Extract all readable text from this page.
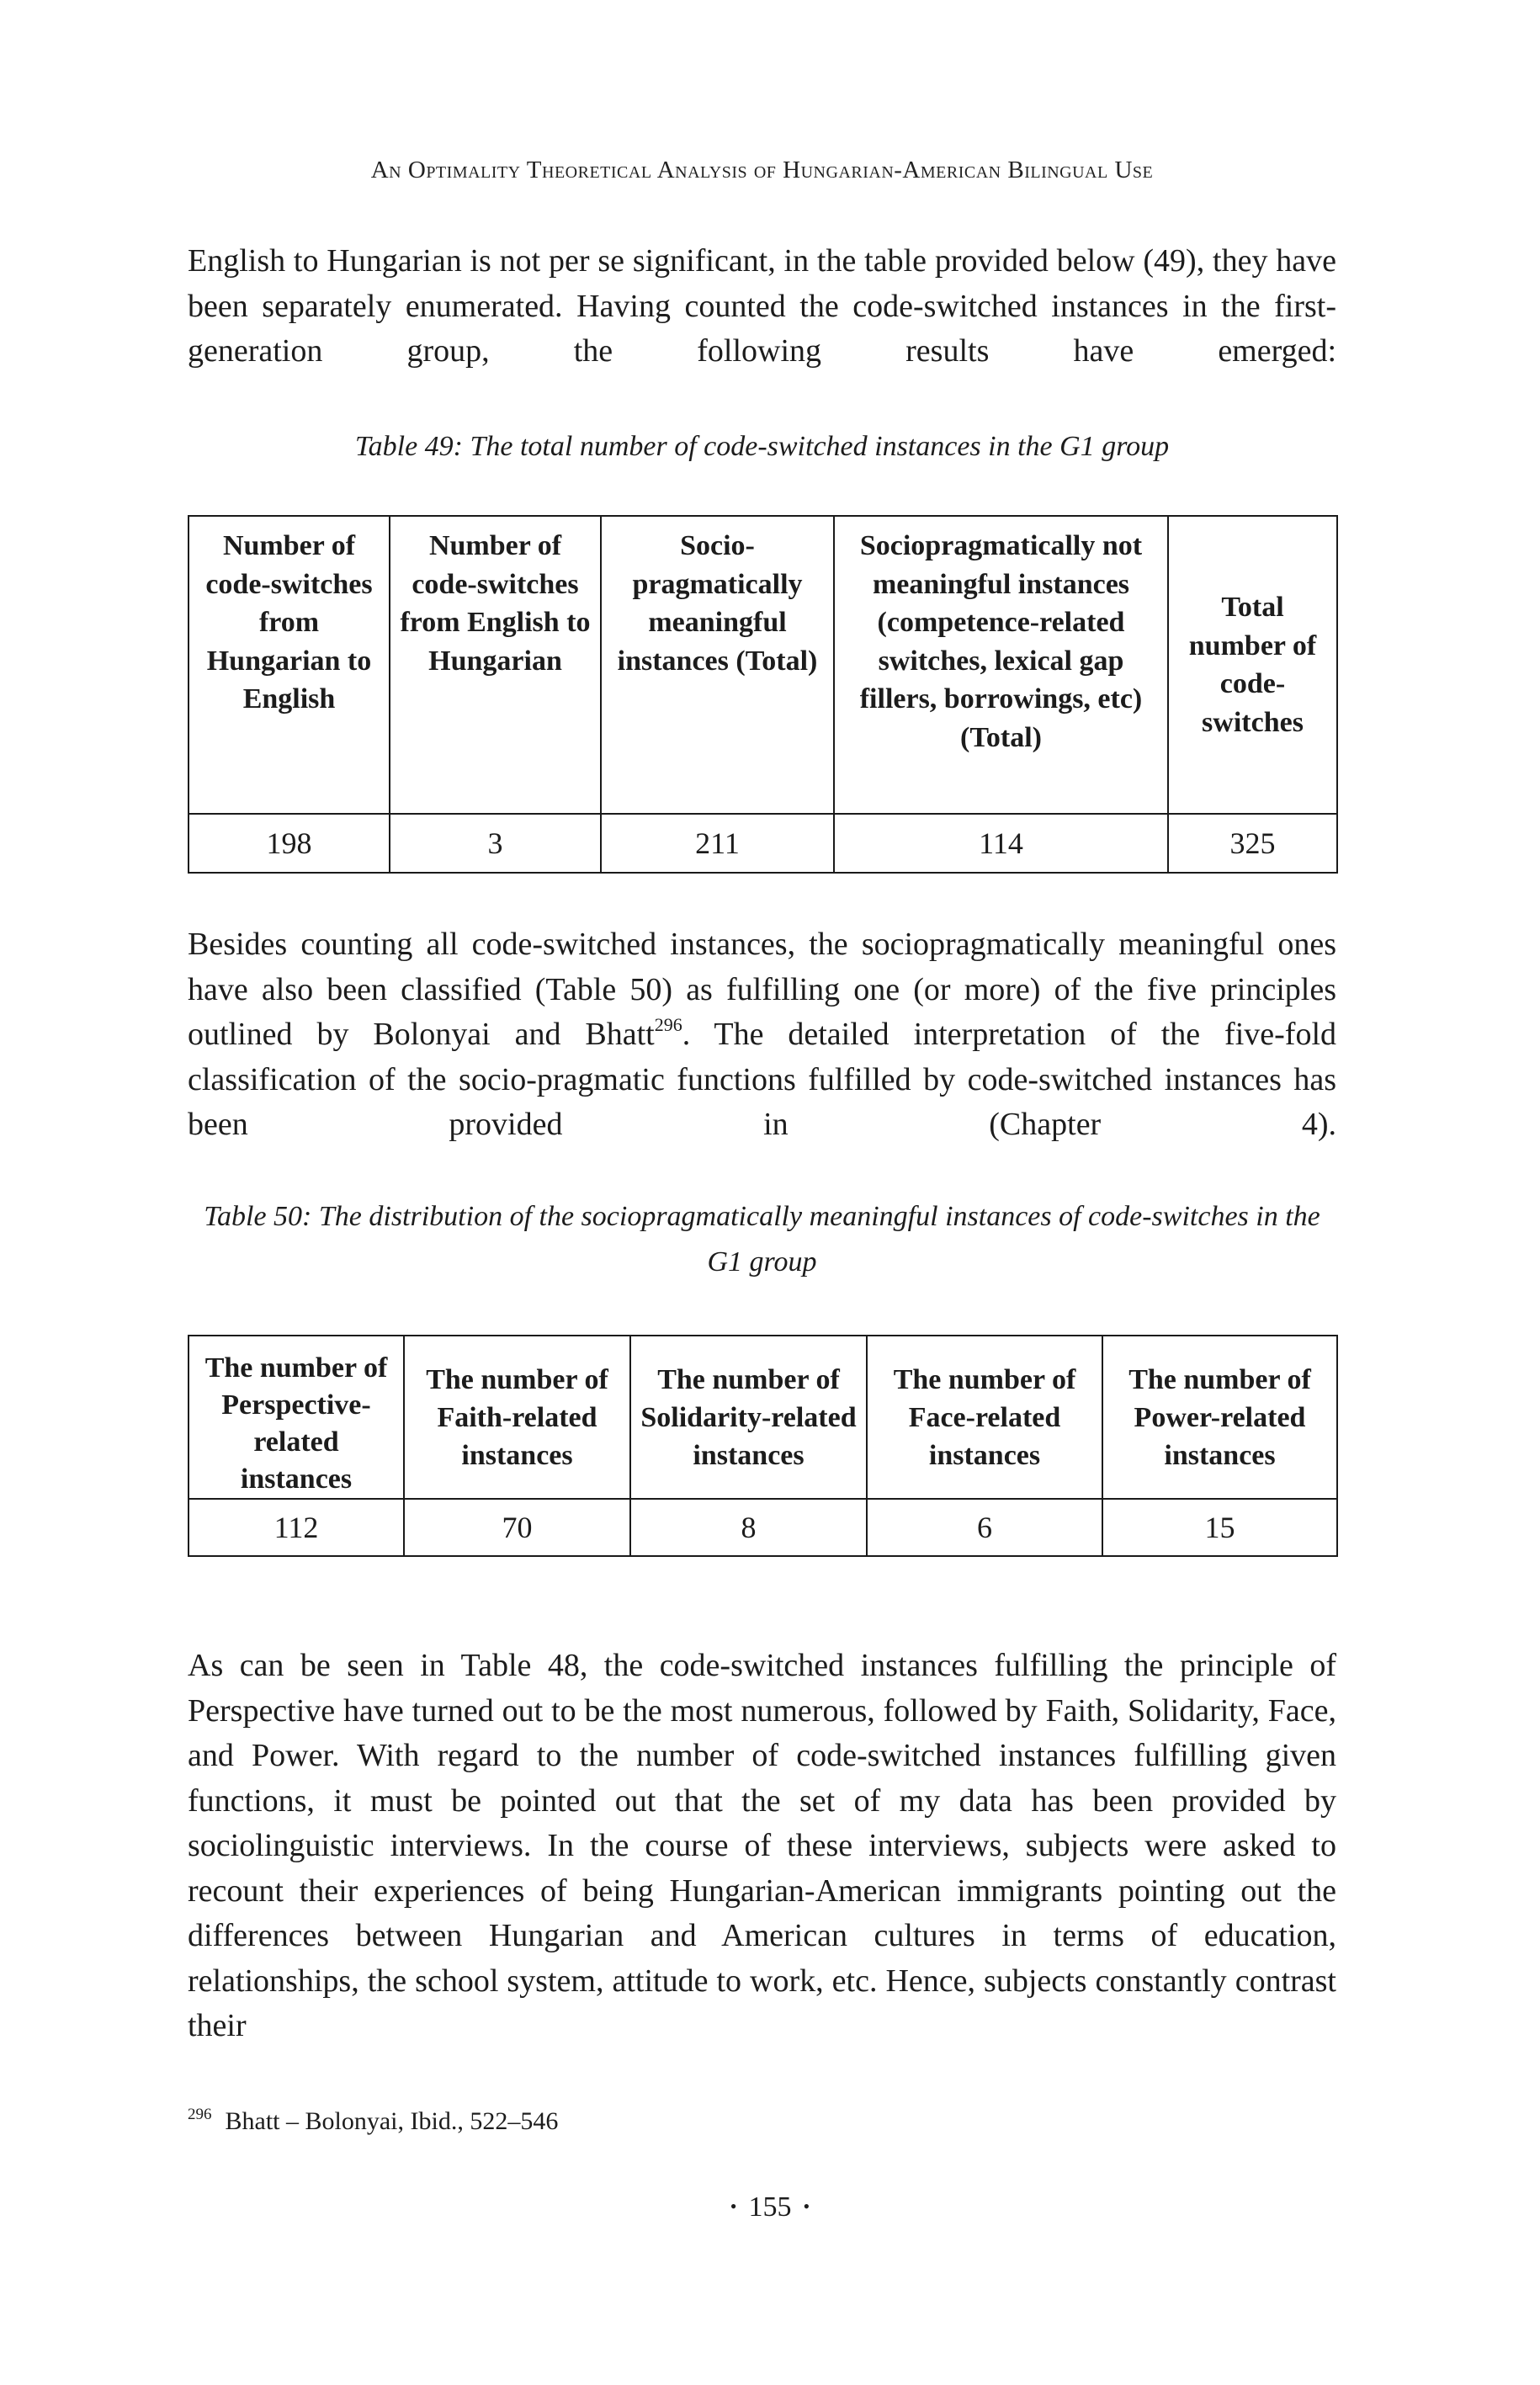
An Optimality Theoretical Analysis of Hungarian-American Bilingual Use

English to Hungarian is not per se significant, in the table provided below (49), they have been separately enumerated. Having counted the code-switched instances in the first-generation group, the following results have emerged:

Table 49: The total number of code-switched instances in the G1 group

Number of code-switches from Hungarian to English	Number of code-switches from English to Hungarian	Socio-pragmatically meaningful instances (Total)	Sociopragmatically not meaningful instances (competence-related switches, lexical gap fillers, borrowings, etc) (Total)	Total number of code-switches
198	3	211	114	325

Besides counting all code-switched instances, the sociopragmatically meaningful ones have also been classified (Table 50) as fulfilling one (or more) of the five principles outlined by Bolonyai and Bhatt$^{296}$. The detailed interpretation of the five-fold classification of the socio-pragmatic functions fulfilled by code-switched instances has been provided in (Chapter 4).

Table 50: The distribution of the sociopragmatically meaningful instances of code-switches in the G1 group

The number of Perspective-related instances	The number of Faith-related instances	The number of Solidarity-related instances	The number of Face-related instances	The number of Power-related instances
112	70	8	6	15

As can be seen in Table 48, the code-switched instances fulfilling the principle of Perspective have turned out to be the most numerous, followed by Faith, Solidarity, Face, and Power. With regard to the number of code-switched instances fulfilling given functions, it must be pointed out that the set of my data has been provided by sociolinguistic interviews. In the course of these interviews, subjects were asked to recount their experiences of being Hungarian-American immigrants pointing out the differences between Hungarian and American cultures in terms of education, relationships, the school system, attitude to work, etc. Hence, subjects constantly contrast their

$^{296}$ Bhatt – Bolonyai, Ibid., 522–546

• 155 •
